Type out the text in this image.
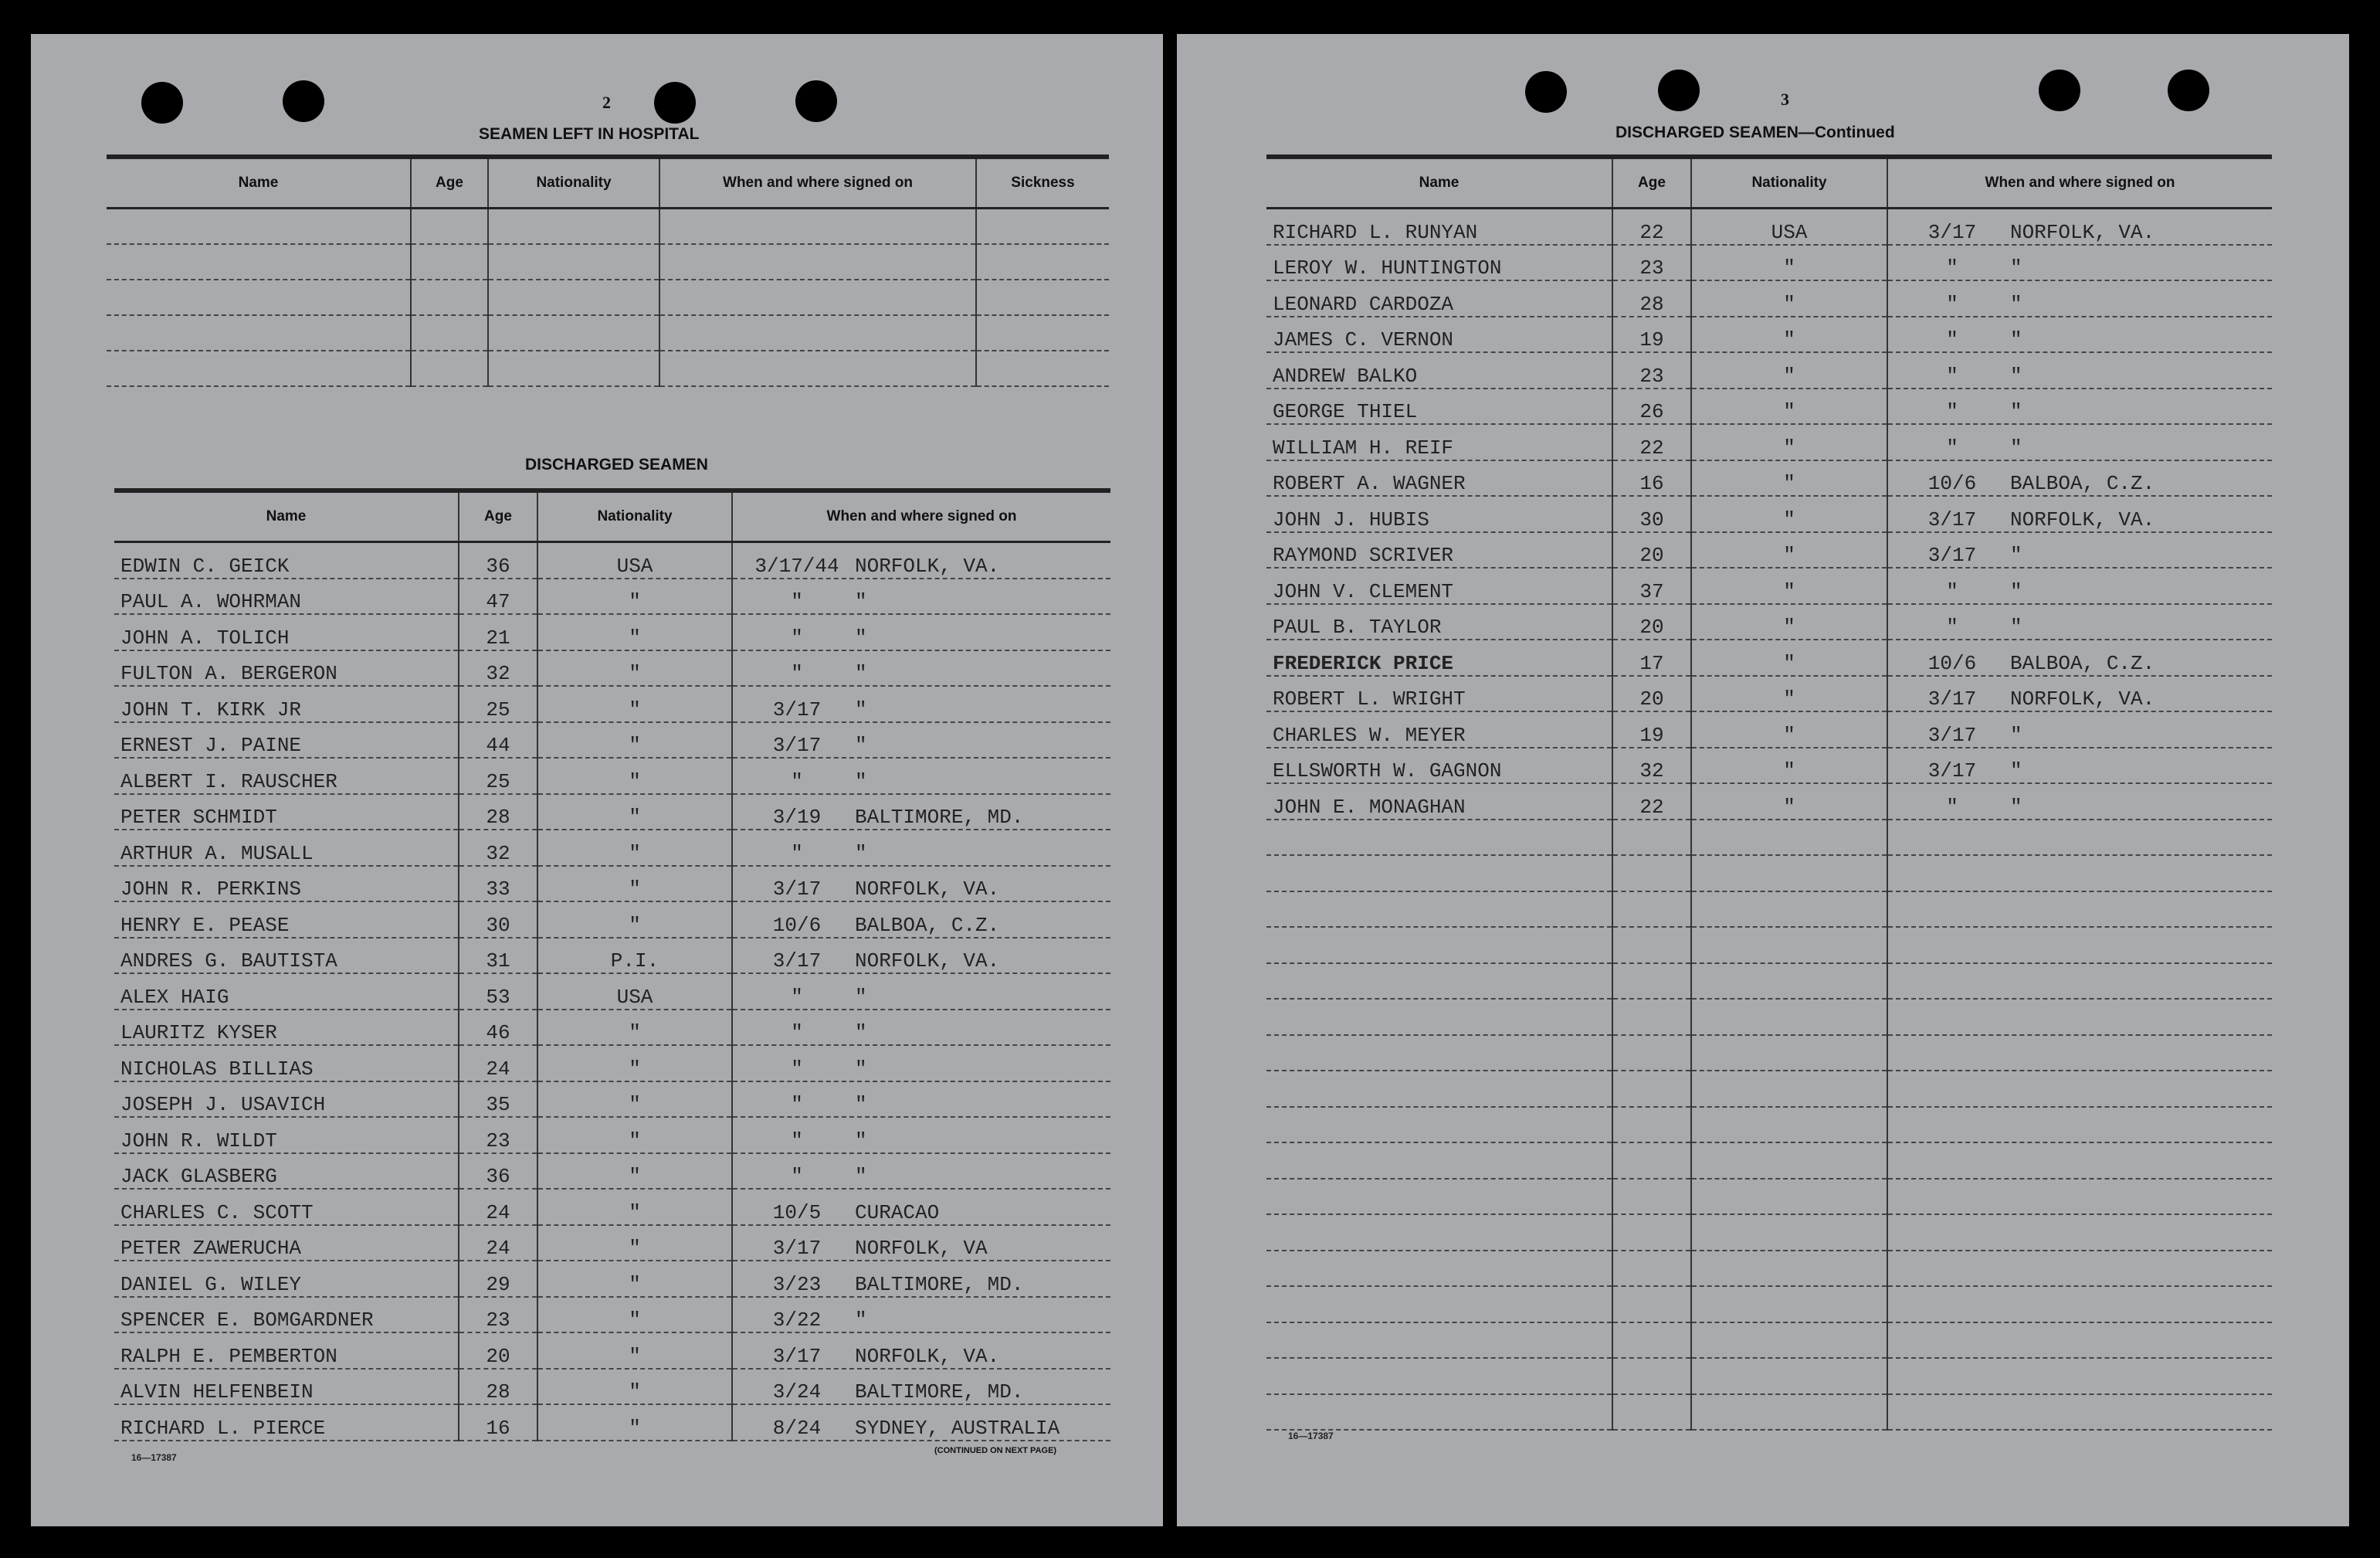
2
SEAMEN LEFT IN HOSPITAL
Name	Age	Nationality	When and where signed on	Sickness

DISCHARGED SEAMEN
Name	Age	Nationality	When and where signed on
EDWIN C. GEICK	36	USA	3/17/44 NORFOLK, VA.
PAUL A. WOHRMAN	47	"	" "
JOHN A. TOLICH	21	"	" "
FULTON A. BERGERON	32	"	" "
JOHN T. KIRK JR	25	"	3/17 "
ERNEST J. PAINE	44	"	3/17 "
ALBERT I. RAUSCHER	25	"	" "
PETER SCHMIDT	28	"	3/19 BALTIMORE, MD.
ARTHUR A. MUSALL	32	"	" "
JOHN R. PERKINS	33	"	3/17 NORFOLK, VA.
HENRY E. PEASE	30	"	10/6 BALBOA, C.Z.
ANDRES G. BAUTISTA	31	P.I.	3/17 NORFOLK, VA.
ALEX HAIG	53	USA	" "
LAURITZ KYSER	46	"	" "
NICHOLAS BILLIAS	24	"	" "
JOSEPH J. USAVICH	35	"	" "
JOHN R. WILDT	23	"	" "
JACK GLASBERG	36	"	" "
CHARLES C. SCOTT	24	"	10/5 CURACAO
PETER ZAWERUCHA	24	"	3/17 NORFOLK, VA
DANIEL G. WILEY	29	"	3/23 BALTIMORE, MD.
SPENCER E. BOMGARDNER	23	"	3/22 "
RALPH E. PEMBERTON	20	"	3/17 NORFOLK, VA.
ALVIN HELFENBEIN	28	"	3/24 BALTIMORE, MD.
RICHARD L. PIERCE	16	"	8/24 SYDNEY, AUSTRALIA
16—17387
(CONTINUED ON NEXT PAGE)
3
DISCHARGED SEAMEN—Continued
Name	Age	Nationality	When and where signed on
RICHARD L. RUNYAN	22	USA	3/17 NORFOLK, VA.
LEROY W. HUNTINGTON	23	"	" "
LEONARD CARDOZA	28	"	" "
JAMES C. VERNON	19	"	" "
ANDREW BALKO	23	"	" "
GEORGE THIEL	26	"	" "
WILLIAM H. REIF	22	"	" "
ROBERT A. WAGNER	16	"	10/6 BALBOA, C.Z.
JOHN J. HUBIS	30	"	3/17 NORFOLK, VA.
RAYMOND SCRIVER	20	"	3/17 "
JOHN V. CLEMENT	37	"	" "
PAUL B. TAYLOR	20	"	" "
FREDERICK PRICE	17	"	10/6 BALBOA, C.Z.
ROBERT L. WRIGHT	20	"	3/17 NORFOLK, VA.
CHARLES W. MEYER	19	"	3/17 "
ELLSWORTH W. GAGNON	32	"	3/17 "
JOHN E. MONAGHAN	22	"	" "

16—17387
